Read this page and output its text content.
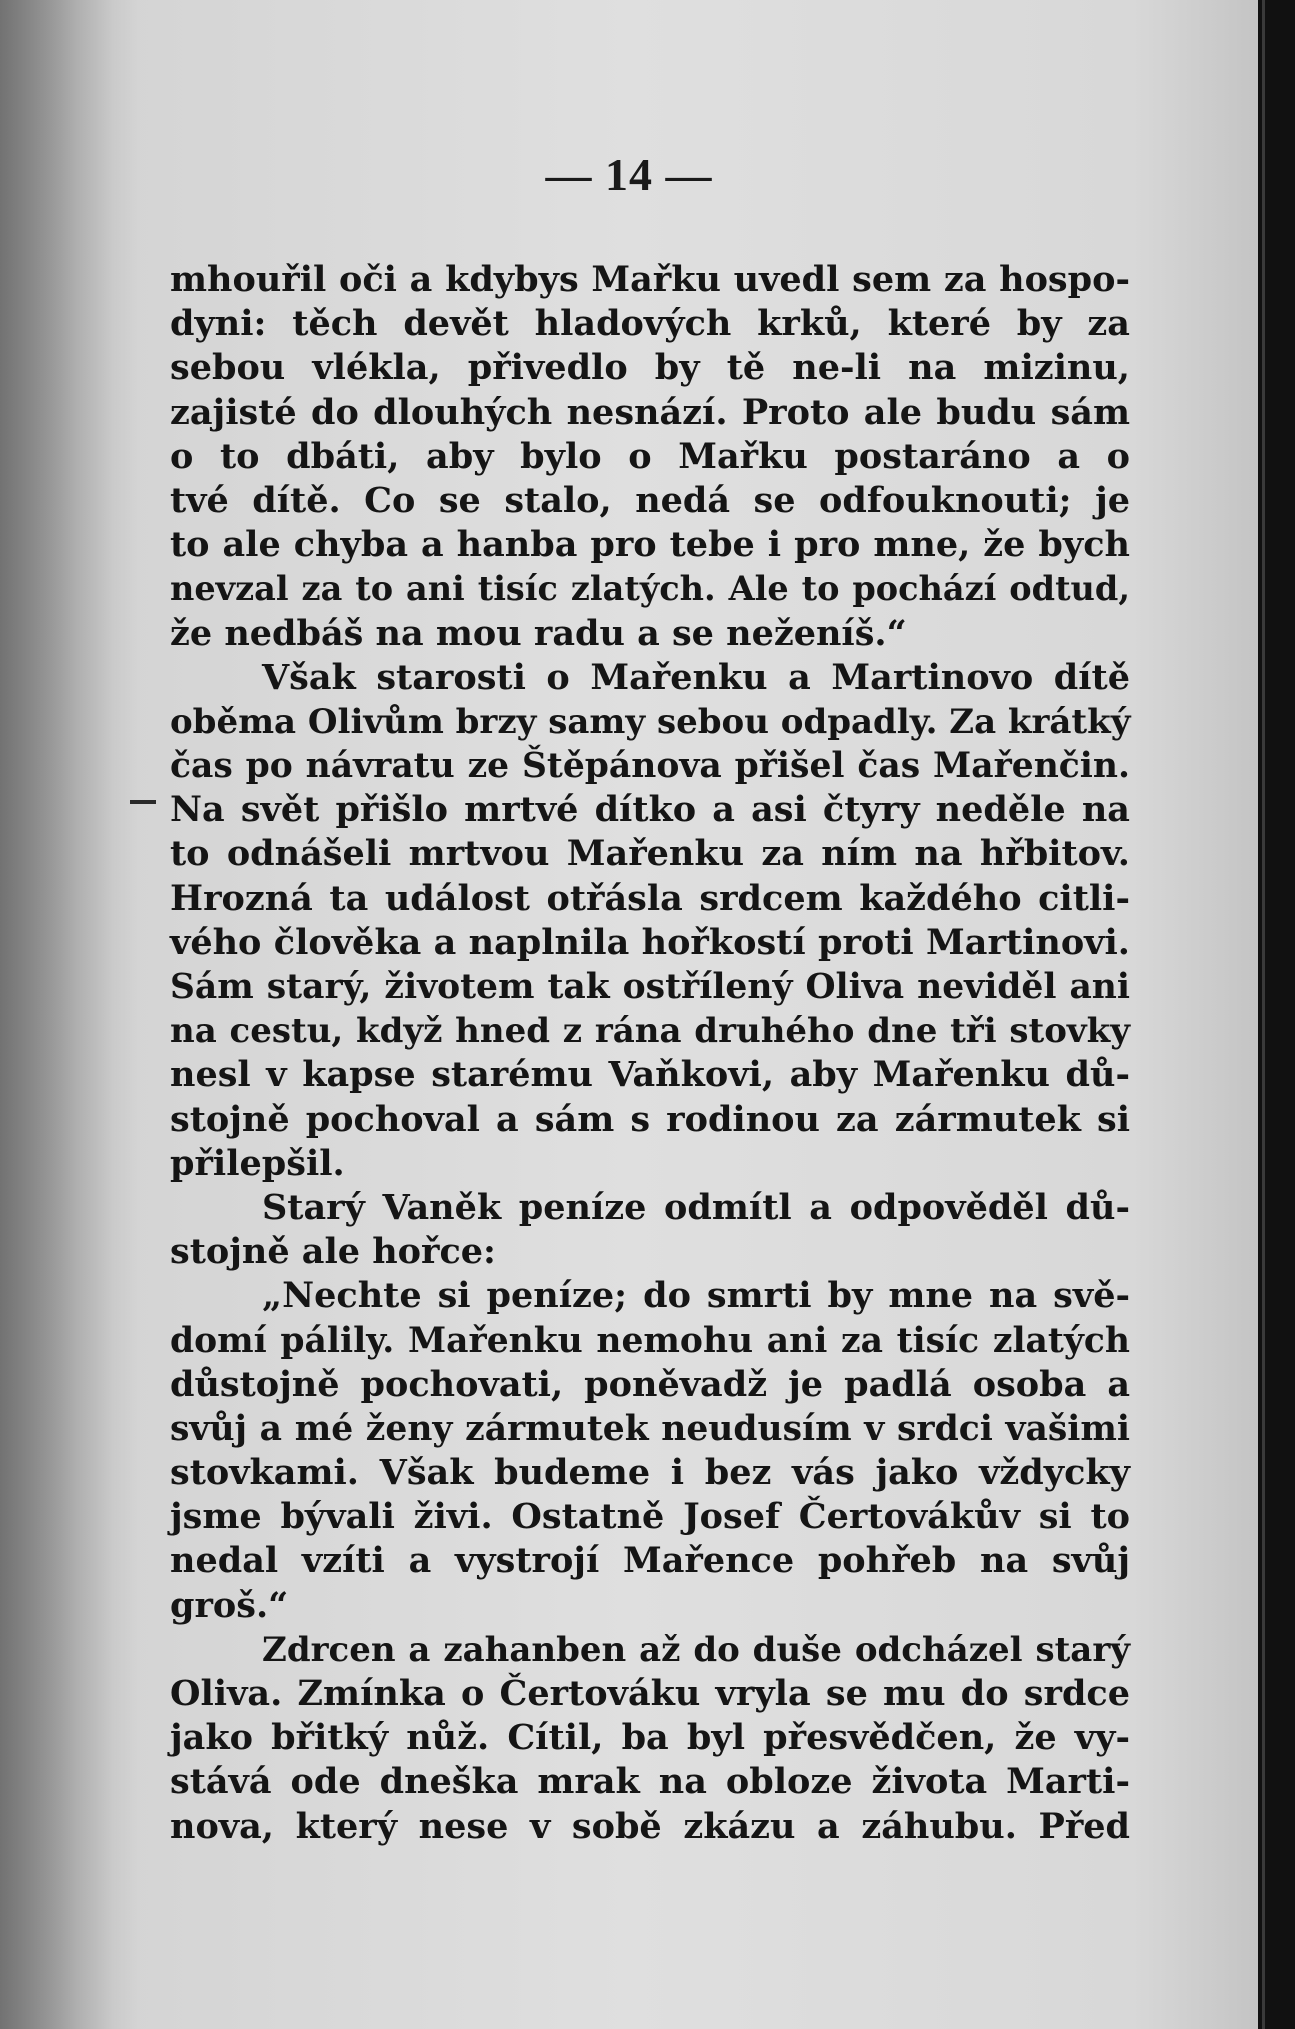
— 14 —
mhouřil oči a kdybys Mařku uvedl sem za hospo-
dyni: těch devět hladových krků, které by za
sebou vlékla, přivedlo by tě ne-li na mizinu,
zajisté do dlouhých nesnází. Proto ale budu sám
o to dbáti, aby bylo o Mařku postaráno a o
tvé dítě. Co se stalo, nedá se odfouknouti; je
to ale chyba a hanba pro tebe i pro mne, že bych
nevzal za to ani tisíc zlatých. Ale to pochází odtud,
že nedbáš na mou radu a se neženíš.“
Však starosti o Mařenku a Martinovo dítě
oběma Olivům brzy samy sebou odpadly. Za krátký
čas po návratu ze Štěpánova přišel čas Mařenčin.
Na svět přišlo mrtvé dítko a asi čtyry neděle na
to odnášeli mrtvou Mařenku za ním na hřbitov.
Hrozná ta událost otřásla srdcem každého citli-
vého člověka a naplnila hořkostí proti Martinovi.
Sám starý, životem tak ostřílený Oliva neviděl ani
na cestu, když hned z rána druhého dne tři stovky
nesl v kapse starému Vaňkovi, aby Mařenku dů-
stojně pochoval a sám s rodinou za zármutek si
přilepšil.
Starý Vaněk peníze odmítl a odpověděl dů-
stojně ale hořce:
„Nechte si peníze; do smrti by mne na svě-
domí pálily. Mařenku nemohu ani za tisíc zlatých
důstojně pochovati, poněvadž je padlá osoba a
svůj a mé ženy zármutek neudusím v srdci vašimi
stovkami. Však budeme i bez vás jako vždycky
jsme bývali živi. Ostatně Josef Čertovákův si to
nedal vzíti a vystrojí Mařence pohřeb na svůj
groš.“
Zdrcen a zahanben až do duše odcházel starý
Oliva. Zmínka o Čertováku vryla se mu do srdce
jako břitký nůž. Cítil, ba byl přesvědčen, že vy-
stává ode dneška mrak na obloze života Marti-
nova, který nese v sobě zkázu a záhubu. Před
